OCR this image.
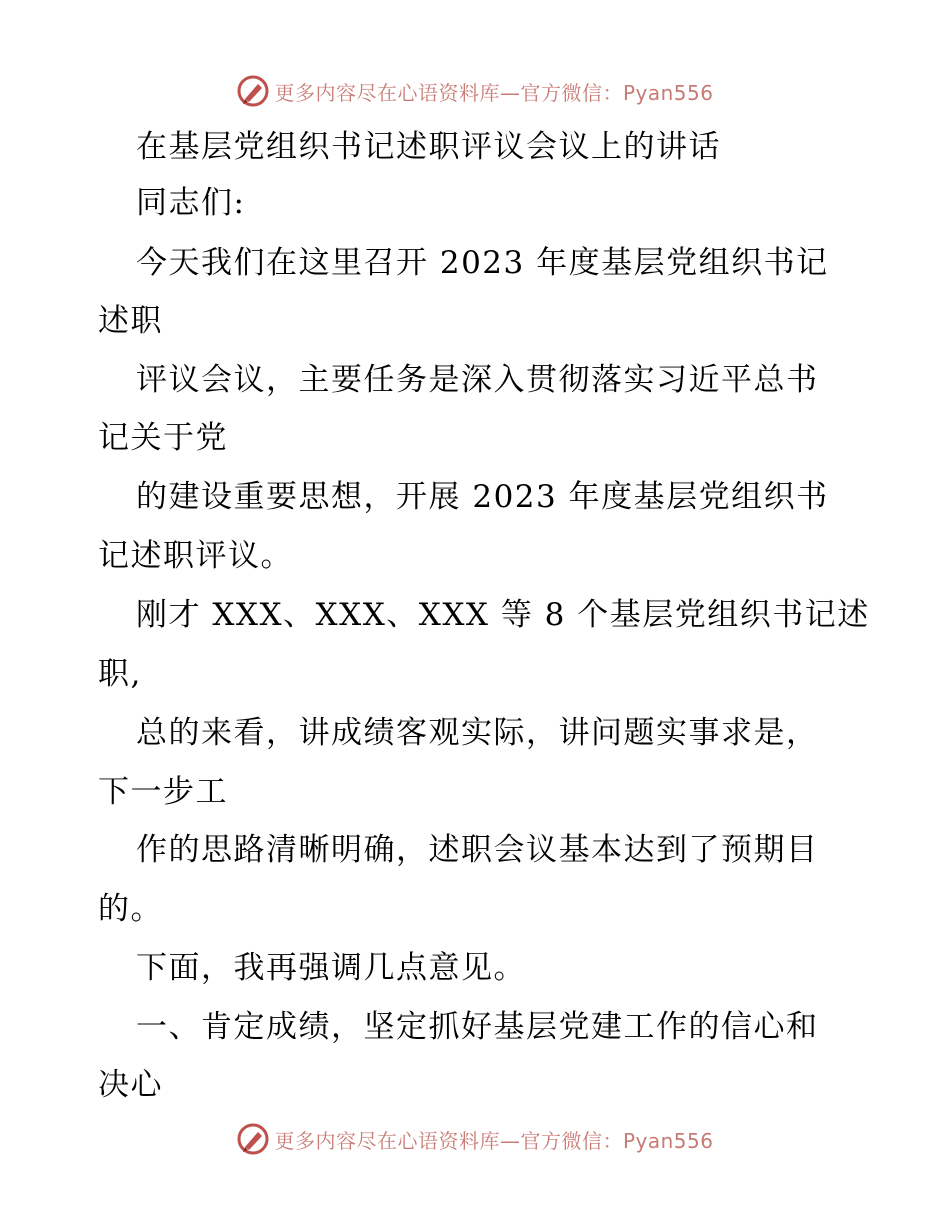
更多内容尽在心语资料库—官方微信：Pyan556
在基层党组织书记述职评议会议上的讲话
同志们:
今天我们在这里召开 2023 年度基层党组织书记
述职
评议会议，主要任务是深入贯彻落实习近平总书
记关于党
的建设重要思想，开展 2023 年度基层党组织书
记述职评议。
刚才 XXX、XXX、XXX 等 8 个基层党组织书记述
职,
总的来看，讲成绩客观实际，讲问题实事求是，
下一步工
作的思路清晰明确，述职会议基本达到了预期目
的。
下面，我再强调几点意见。
一、肯定成绩，坚定抓好基层党建工作的信心和
决心
更多内容尽在心语资料库—官方微信：Pyan556
